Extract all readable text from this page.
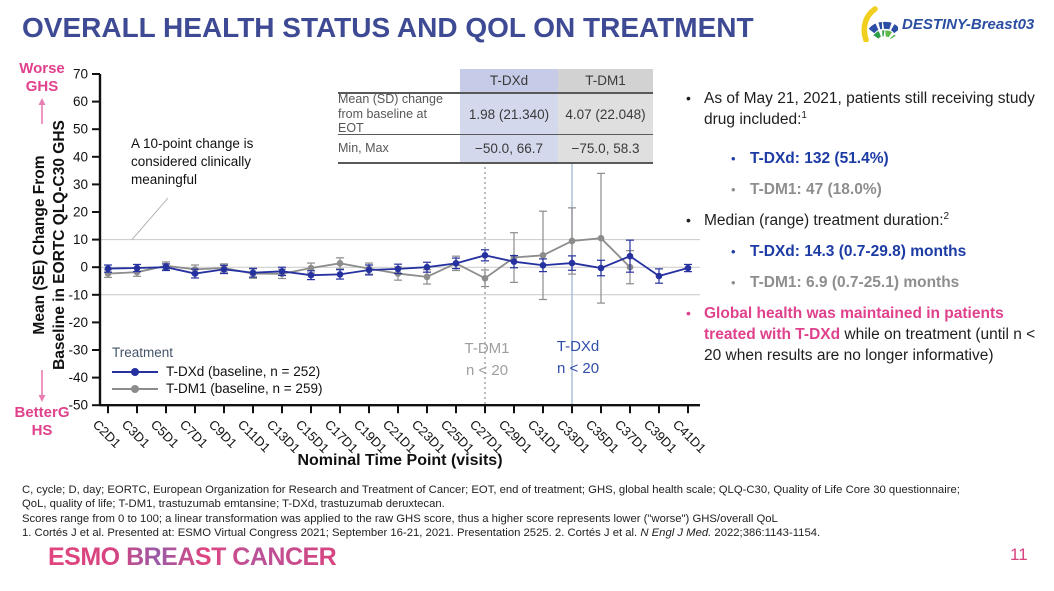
OVERALL HEALTH STATUS AND QOL ON TREATMENT	DESTINY-Breast03
Worse
GHS
BetterG
HS
Mean (SE) Change From Baseline in EORTC QLQ-C30 GHS
70
60
50
40
30
20
10
0
-10
-20
-30
-40
-50
C2D1
C3D1
C5D1
C7D1
C9D1
C11D1
C13D1
C15D1
C17D1
C19D1
C21D1
C23D1
C25D1
C27D1
C29D1
C31D1
C33D1
C35D1
C37D1
C39D1
C41D1
A 10-point change is considered clinically meaningful
T-DXd	T-DM1
Mean (SD) change from baseline at EOT
1.98 (21.340)	4.07 (22.048)
Min, Max	−50.0, 66.7	−75.0, 58.3
T-DM1
n < 20
T-DXd
n < 20
Treatment
T-DXd (baseline, n = 252)
T-DM1 (baseline, n = 259)
Nominal Time Point (visits)
• As of May 21, 2021, patients still receiving study drug included:$^1$
• T-DXd: 132 (51.4%)
• T-DM1: 47 (18.0%)
• Median (range) treatment duration:$^2$
• T-DXd: 14.3 (0.7-29.8) months
• T-DM1: 6.9 (0.7-25.1) months
• Global health was maintained in patients treated with T-DXd while on treatment (until n < 20 when results are no longer informative)
C, cycle; D, day; EORTC, European Organization for Research and Treatment of Cancer; EOT, end of treatment; GHS, global health scale; QLQ-C30, Quality of Life Core 30 questionnaire;
QoL, quality of life; T-DM1, trastuzumab emtansine; T-DXd, trastuzumab deruxtecan.
Scores range from 0 to 100; a linear transformation was applied to the raw GHS score, thus a higher score represents lower ("worse") GHS/overall QoL
1. Cortés J et al. Presented at: ESMO Virtual Congress 2021; September 16-21, 2021. Presentation 2525. 2. Cortés J et al. N Engl J Med. 2022;386:1143-1154.
ESMO BREAST CANCER	11
